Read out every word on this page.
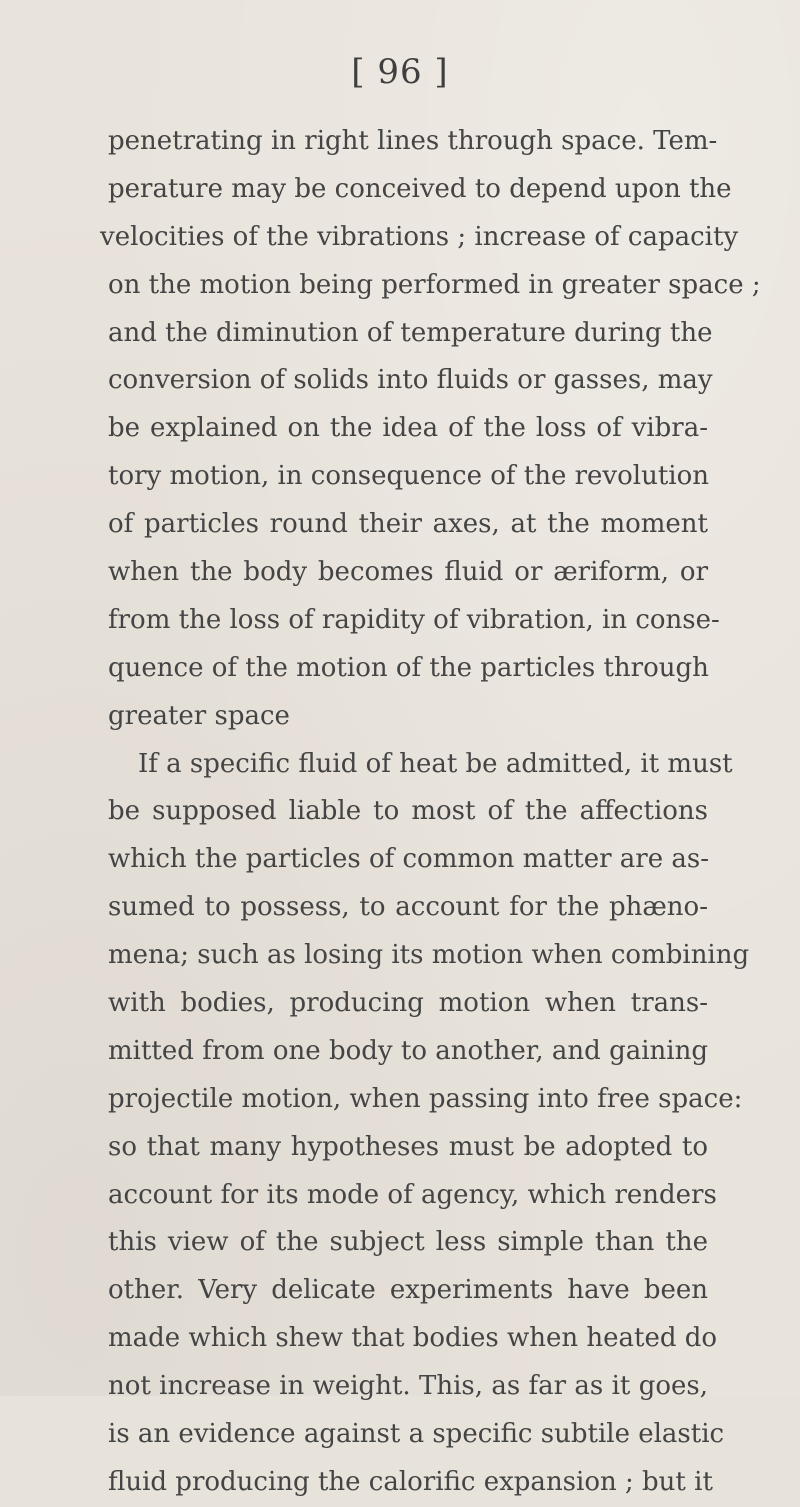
[ 96 ]
penetrating in right lines through space. Tem-
perature may be conceived to depend upon the
velocities of the vibrations ; increase of capacity
on the motion being performed in greater space ;
and the diminution of temperature during the
conversion of solids into fluids or gasses, may
be explained on the idea of the loss of vibra-
tory motion, in consequence of the revolution
of particles round their axes, at the moment
when the body becomes fluid or æriform, or
from the loss of rapidity of vibration, in conse-
quence of the motion of the particles through
greater space
If a specific fluid of heat be admitted, it must
be supposed liable to most of the affections
which the particles of common matter are as-
sumed to possess, to account for the phæno-
mena; such as losing its motion when combining
with bodies, producing motion when trans-
mitted from one body to another, and gaining
projectile motion, when passing into free space:
so that many hypotheses must be adopted to
account for its mode of agency, which renders
this view of the subject less simple than the
other. Very delicate experiments have been
made which shew that bodies when heated do
not increase in weight. This, as far as it goes,
is an evidence against a specific subtile elastic
fluid producing the calorific expansion ; but it
